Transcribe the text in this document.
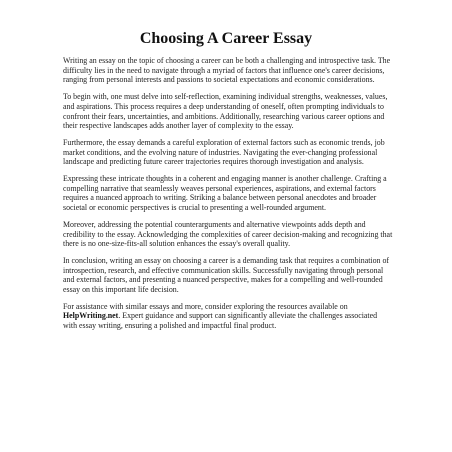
Choosing A Career Essay

Writing an essay on the topic of choosing a career can be both a challenging and introspective task. The difficulty lies in the need to navigate through a myriad of factors that influence one's career decisions, ranging from personal interests and passions to societal expectations and economic considerations.

To begin with, one must delve into self-reflection, examining individual strengths, weaknesses, values, and aspirations. This process requires a deep understanding of oneself, often prompting individuals to confront their fears, uncertainties, and ambitions. Additionally, researching various career options and their respective landscapes adds another layer of complexity to the essay.

Furthermore, the essay demands a careful exploration of external factors such as economic trends, job market conditions, and the evolving nature of industries. Navigating the ever-changing professional landscape and predicting future career trajectories requires thorough investigation and analysis.

Expressing these intricate thoughts in a coherent and engaging manner is another challenge. Crafting a compelling narrative that seamlessly weaves personal experiences, aspirations, and external factors requires a nuanced approach to writing. Striking a balance between personal anecdotes and broader societal or economic perspectives is crucial to presenting a well-rounded argument.

Moreover, addressing the potential counterarguments and alternative viewpoints adds depth and credibility to the essay. Acknowledging the complexities of career decision-making and recognizing that there is no one-size-fits-all solution enhances the essay's overall quality.

In conclusion, writing an essay on choosing a career is a demanding task that requires a combination of introspection, research, and effective communication skills. Successfully navigating through personal and external factors, and presenting a nuanced perspective, makes for a compelling and well-rounded essay on this important life decision.

For assistance with similar essays and more, consider exploring the resources available on HelpWriting.net. Expert guidance and support can significantly alleviate the challenges associated with essay writing, ensuring a polished and impactful final product.
